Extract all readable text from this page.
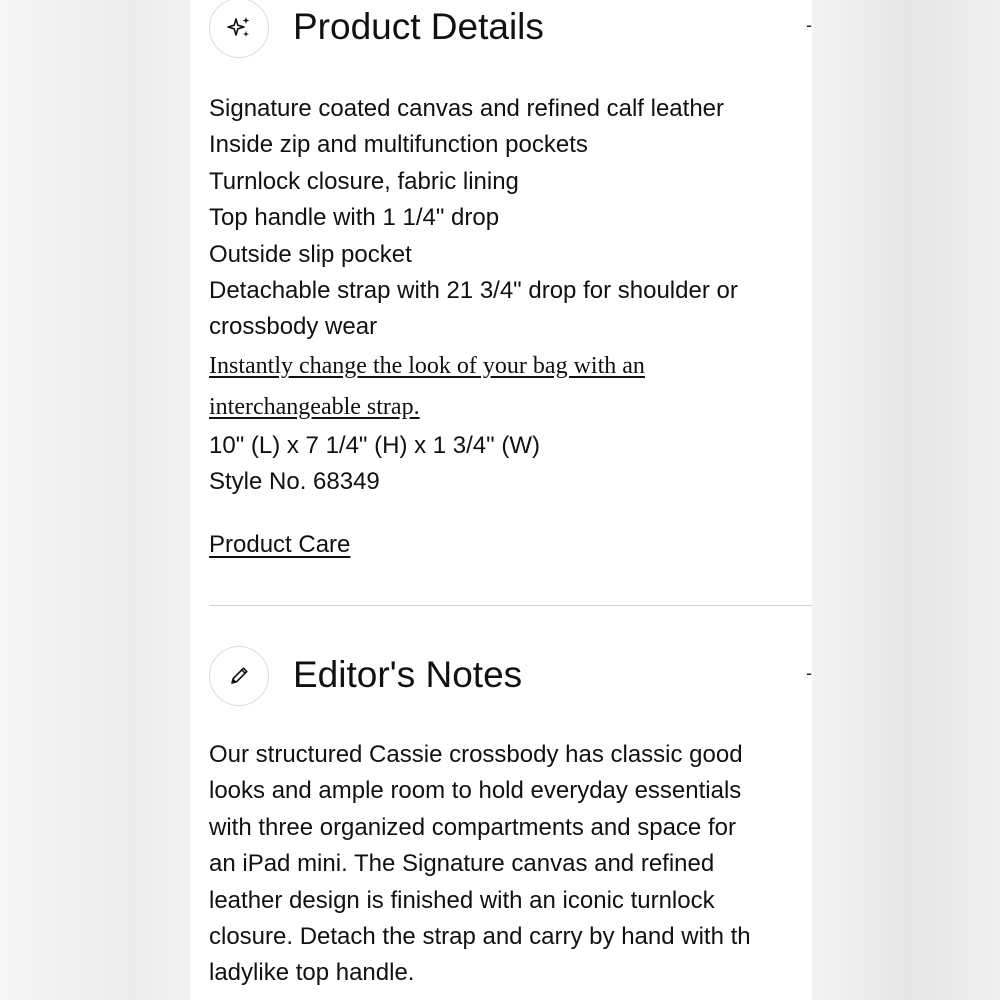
Product Details	-
Signature coated canvas and refined calf leather
Inside zip and multifunction pockets
Turnlock closure, fabric lining
Top handle with 1 1/4" drop
Outside slip pocket
Detachable strap with 21 3/4" drop for shoulder or
crossbody wear
Instantly change the look of your bag with an
interchangeable strap.
10" (L) x 7 1/4" (H) x 1 3/4" (W)
Style No. 68349
Product Care
Editor's Notes	-
Our structured Cassie crossbody has classic good
looks and ample room to hold everyday essentials
with three organized compartments and space for
an iPad mini. The Signature canvas and refined
leather design is finished with an iconic turnlock
closure. Detach the strap and carry by hand with th
ladylike top handle.
